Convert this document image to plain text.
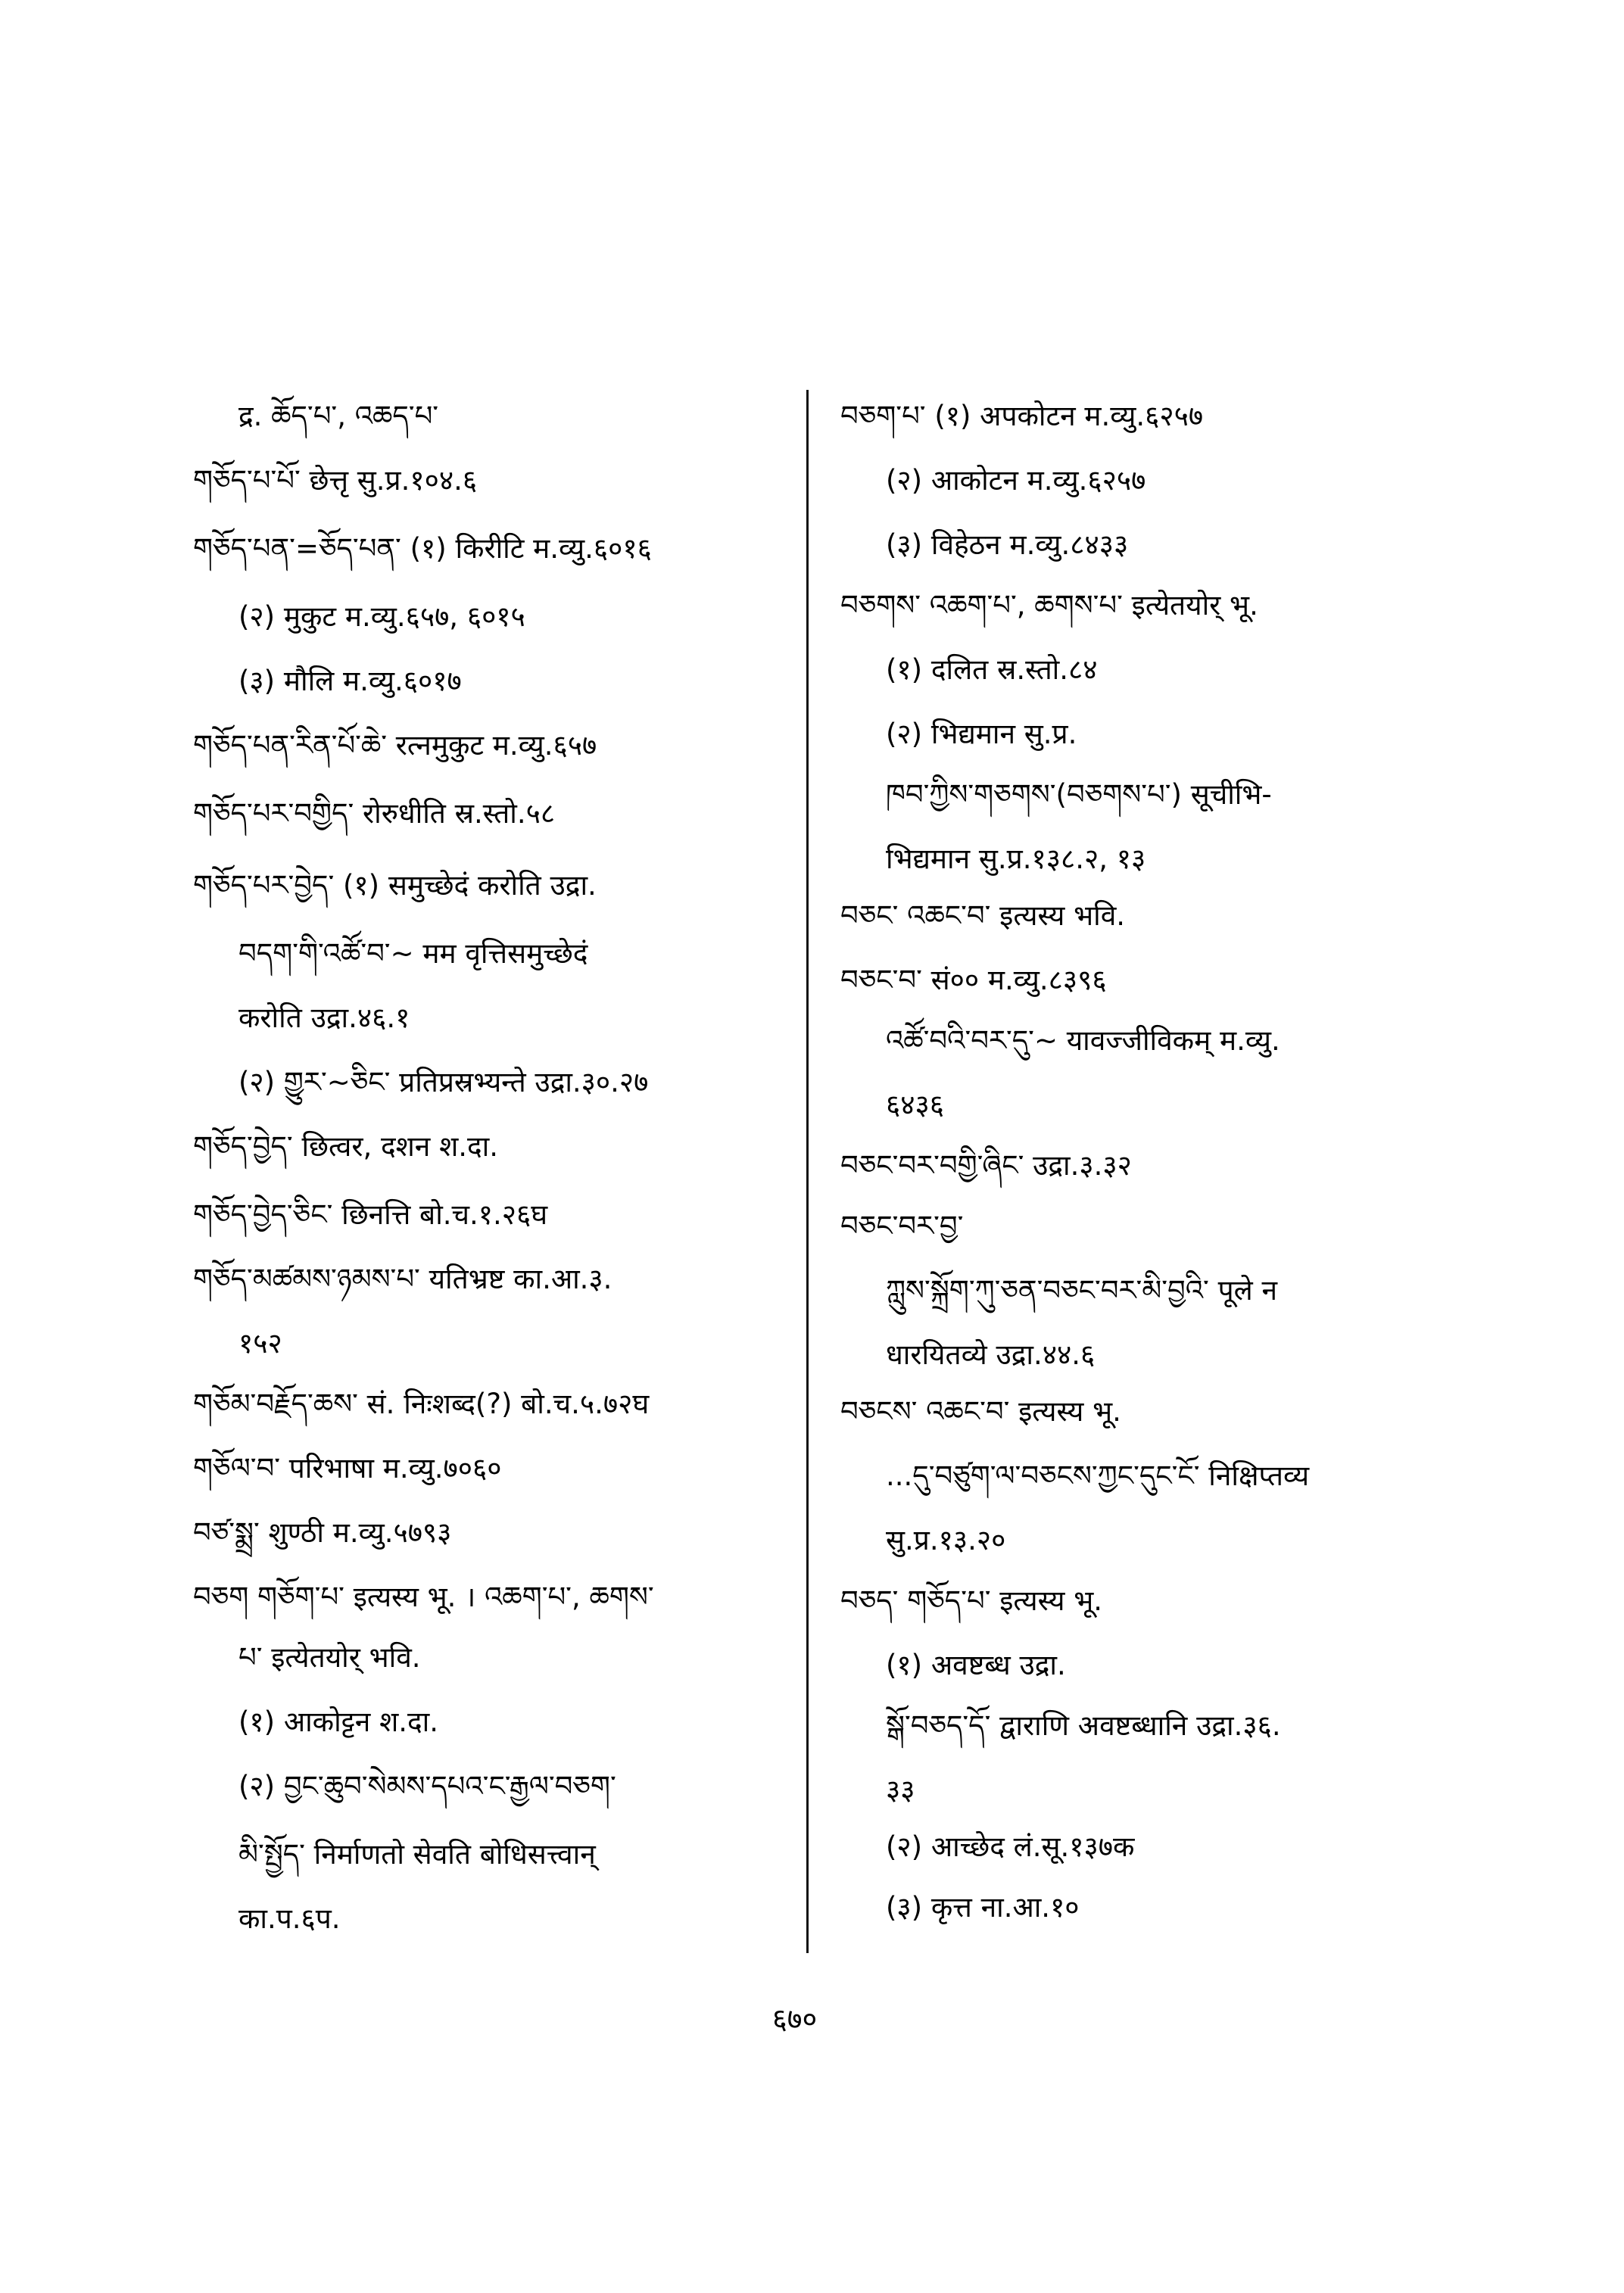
द्र. ཆོད་པ་, འཆད་པ་
གཅོད་པ་པོ་ छेत्तृ सु.प्र.१०४.६
གཅོད་པན་=ཅོད་པན་ (१) किरीटि म.व्यु.६०१६
(२) मुकुट म.व्यु.६५७, ६०१५
(३) मौलि म.व्यु.६०१७
གཅོད་པན་རིན་པོ་ཆེ་ रत्नमुकुट म.व्यु.६५७
གཅོད་པར་བགྱིད་ रोरुधीति स्र.स्तो.५८
གཅོད་པར་བྱེད་ (१) समुच्छेदं करोति उद्रा.
བདག་གི་འཚོ་བ་~ मम वृत्तिसमुच्छेदं
करोति उद्रा.४६.१
(२) གྱུར་~ཅིང་ प्रतिप्रस्रभ्यन्ते उद्रा.३०.२७
གཅོད་བྱེད་ छित्वर, दशन श.दा.
གཅོད་བྱེད་ཅིང་ छिनत्ति बो.च.१.२६घ
གཅོད་མཚམས་ཉམས་པ་ यतिभ्रष्ट का.आ.३.
१५२
གཅོམ་བརྗོད་ཆས་ सं. निःशब्द(?) बो.च.५.७२घ
གཅོལ་བ་ परिभाषा म.व्यु.७०६०
བཙ་སྨྲ་ शुण्ठी म.व्यु.५७९३
བཅག གཅོག་པ་ इत्यस्य भू. । འཆག་པ་, ཆགས་
པ་ इत्येतयोर् भवि.
(१) आकोट्टन श.दा.
(२) བྱང་ཆུབ་སེམས་དཔའ་ང་རྒྱལ་བཅག་
མི་སྤྱོད་ निर्माणतो सेवति बोधिसत्त्वान्
का.प.६प.
བཅག་པ་ (१) अपकोटन म.व्यु.६२५७
(२) आकोटन म.व्यु.६२५७
(३) विहेठन म.व्यु.८४३३
བཅགས་ འཆག་པ་, ཆགས་པ་ इत्येतयोर् भू.
(१) दलित स्र.स्तो.८४
(२) भिद्यमान सु.प्र.
ཁབ་ཀྱིས་གཅགས་(བཅགས་པ་) सूचीभि-
भिद्यमान सु.प्र.१३८.२, १३
བཅང་ འཆང་བ་ इत्यस्य भवि.
བཅང་བ་ सं०० म.व्यु.८३९६
འཚོ་བའི་བར་དུ་~ यावज्जीविकम् म.व्यु.
६४३६
བཅང་བར་བགྱི་ཞིང་ उद्रा.३.३२
བཅང་བར་བྱ་
ཀླུས་སྐྲོག་ཀུ་ཅན་བཅང་བར་མི་བྱའི་ पूले न
धारयितव्ये उद्रा.४४.६
བཅངས་ འཆང་བ་ इत्यस्य भू.
...དུ་བཙུག་ལ་བཅངས་ཀྱང་དུང་ངོ་ निक्षिप्तव्य
सु.प्र.१३.२०
བཅད་ གཅོད་པ་ इत्यस्य भू.
(१) अवष्टब्ध उद्रा.
སྒོ་བཅད་དོ་ द्वाराणि अवष्टब्धानि उद्रा.३६.
३३
(२) आच्छेद लं.सू.१३७क
(३) कृत्त ना.आ.१०
६७०
